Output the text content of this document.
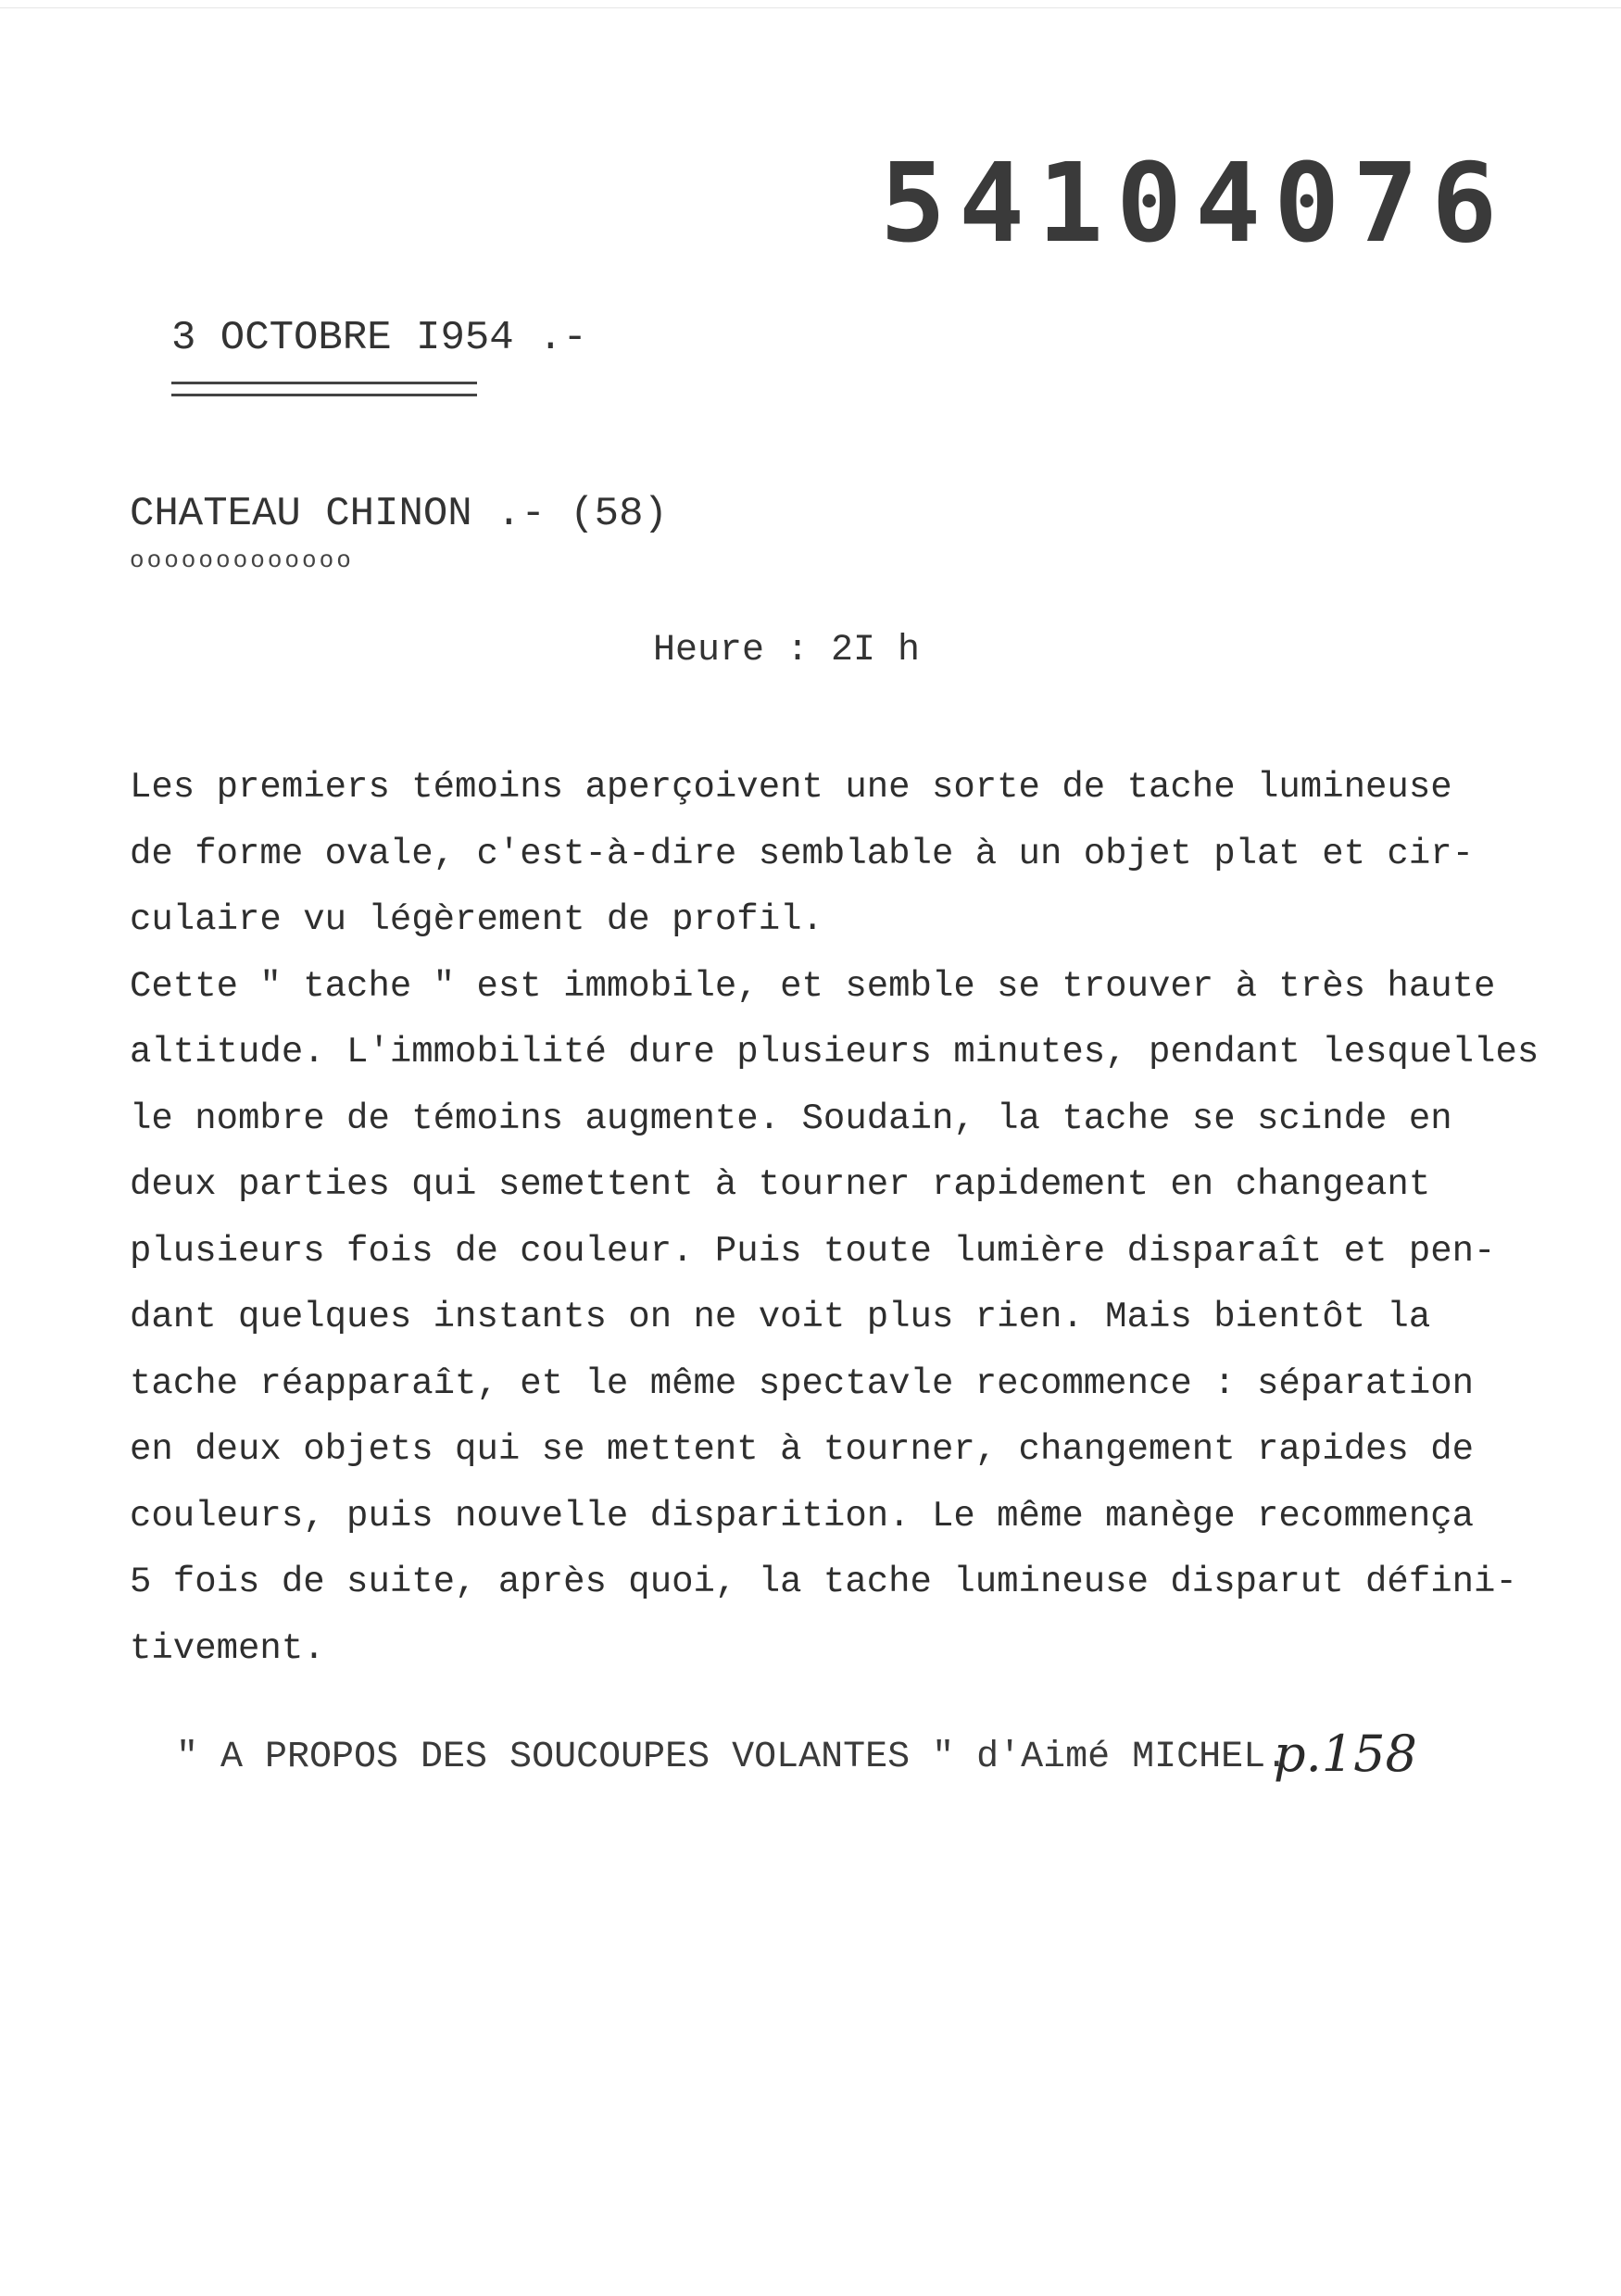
54104076
3 OCTOBRE I954 .-
CHATEAU CHINON .- (58)
ooooooooooooo
Heure : 2I h
Les premiers témoins aperçoivent une sorte de tache lumineuse
de forme ovale, c'est-à-dire semblable à un objet plat et cir-
culaire vu légèrement de profil.
Cette " tache " est immobile, et semble se trouver à très haute
altitude. L'immobilité dure plusieurs minutes, pendant lesquelles
le nombre de témoins augmente. Soudain, la tache se scinde en
deux parties qui semettent à tourner rapidement en changeant
plusieurs fois de couleur. Puis toute lumière disparaît et pen-
dant quelques instants on ne voit plus rien. Mais bientôt la
tache réapparaît, et le même spectavle recommence : séparation
en deux objets qui se mettent à tourner, changement rapides de
couleurs, puis nouvelle disparition. Le même manège recommença
5 fois de suite, après quoi, la tache lumineuse disparut défini-
tivement.
" A PROPOS DES SOUCOUPES VOLANTES " d'Aimé MICHEL.
p.158
